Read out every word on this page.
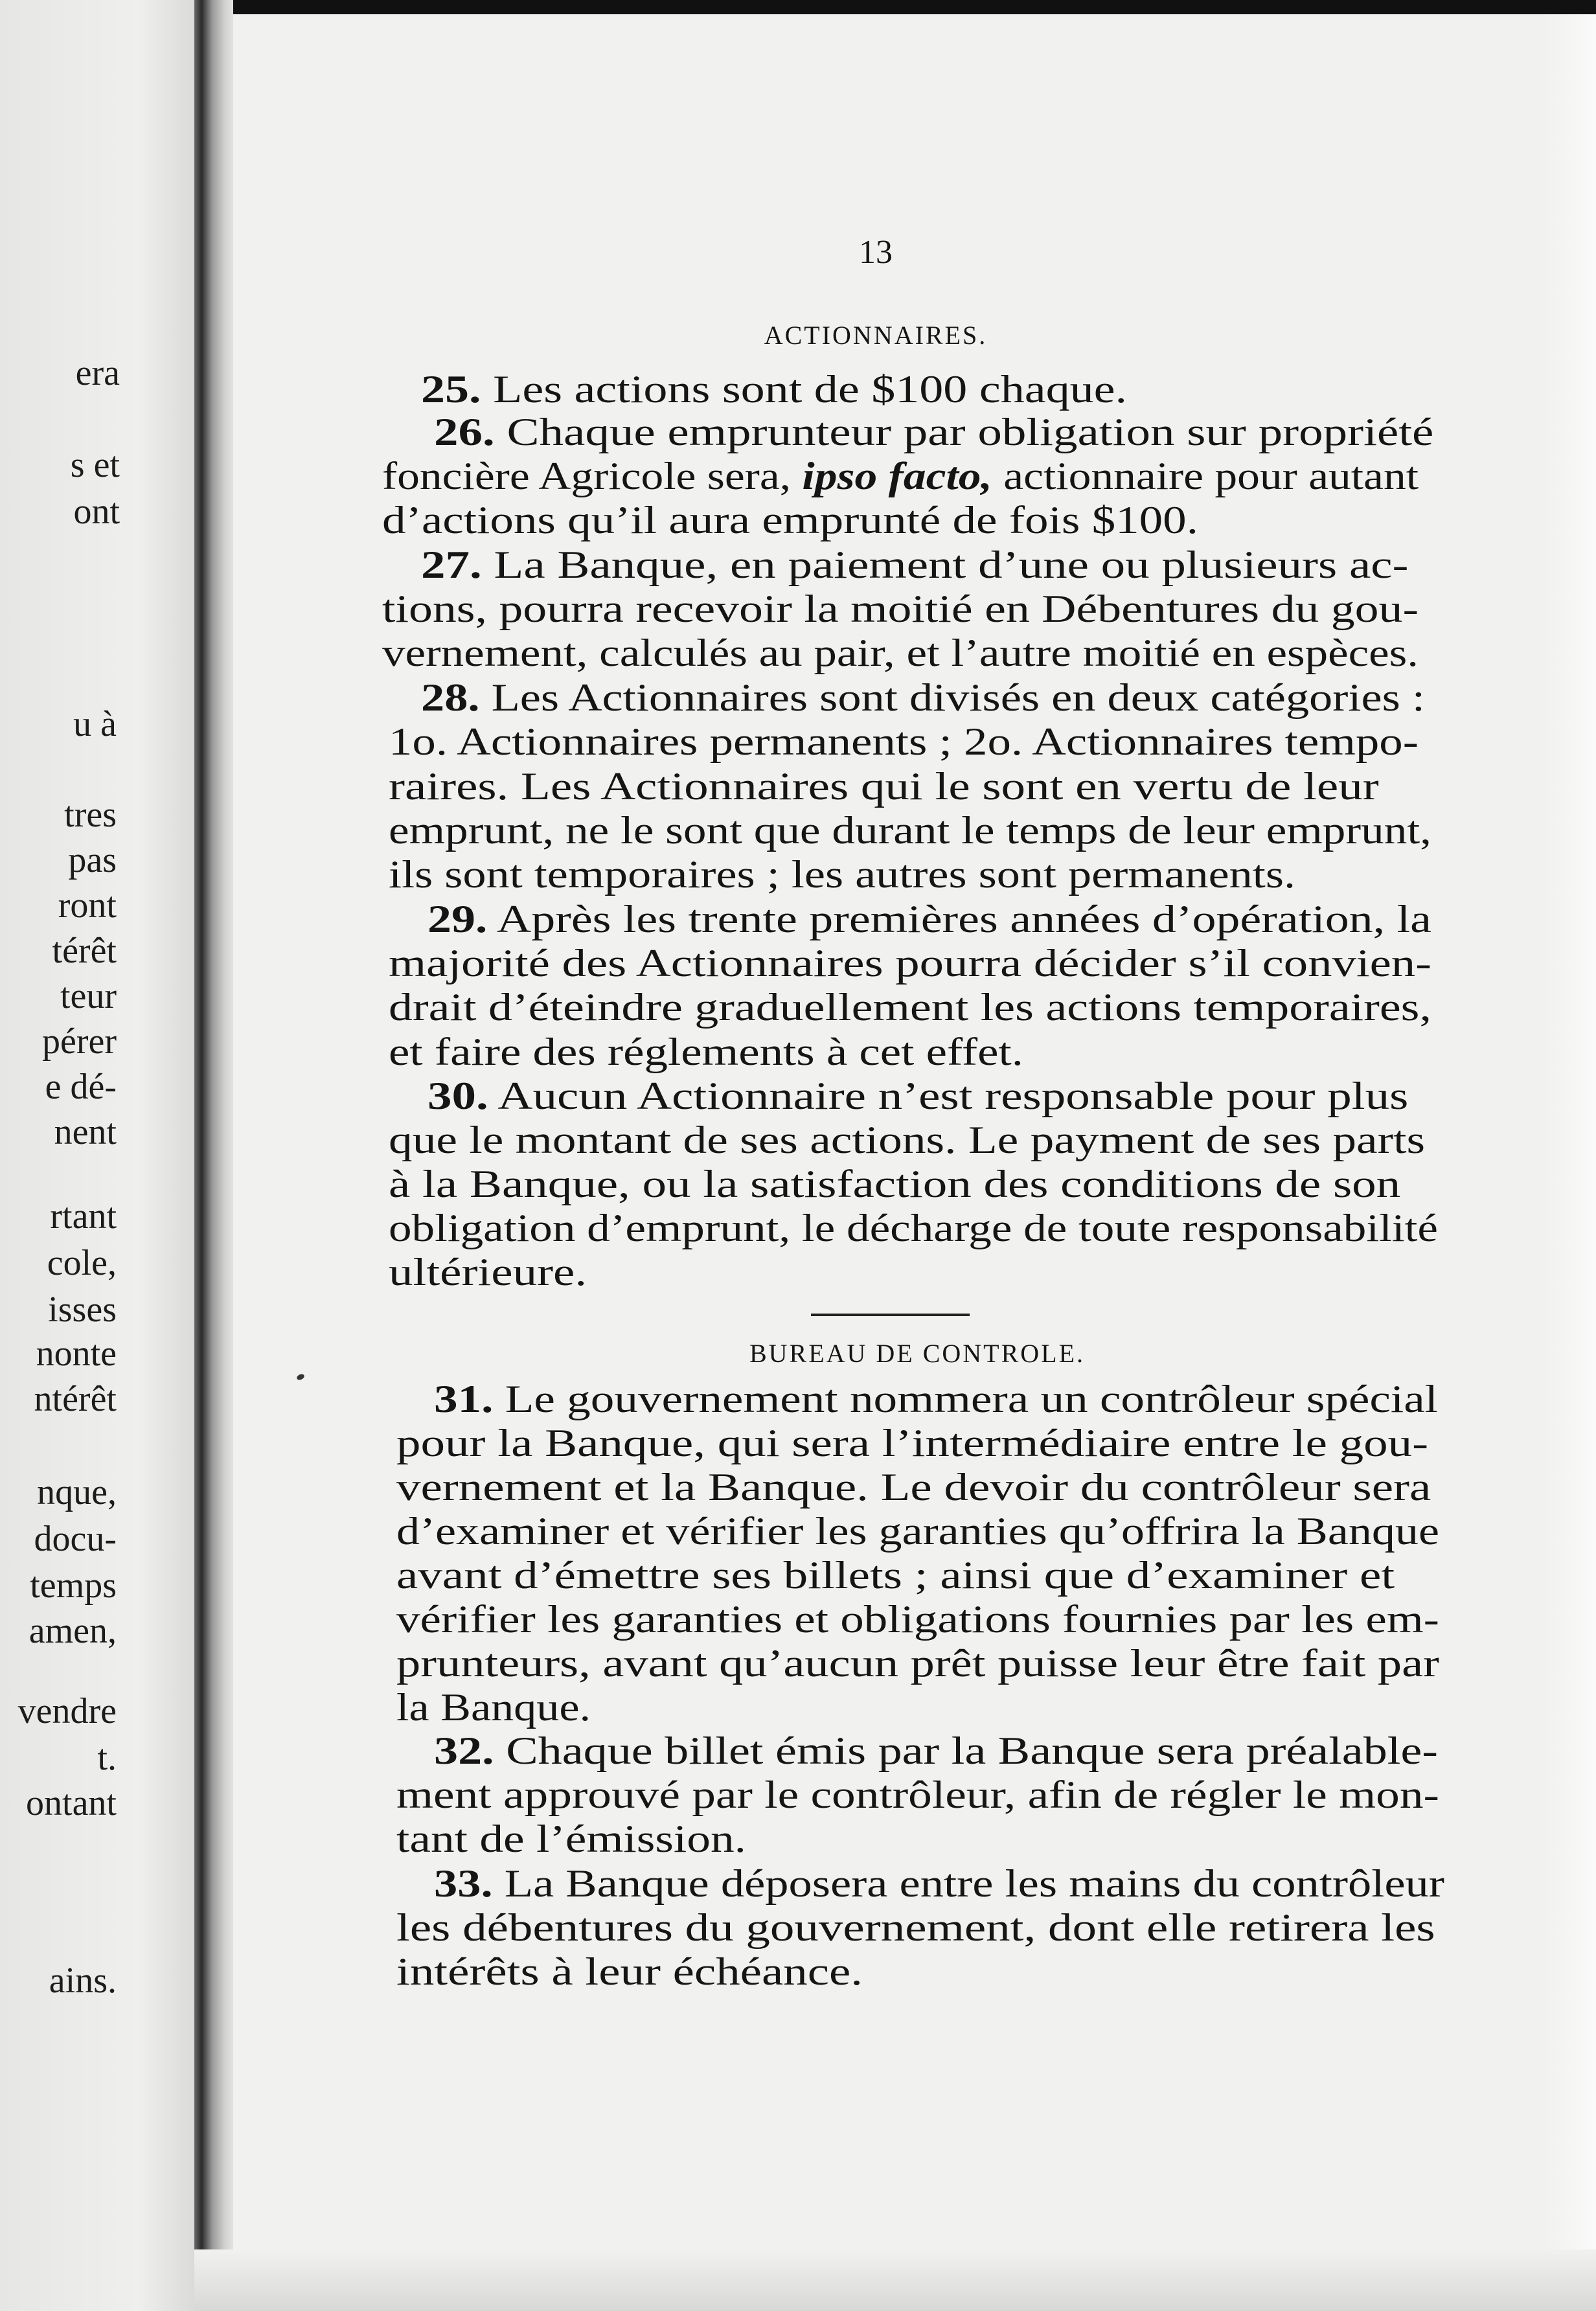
era
s et
ont
u à
tres
pas
ront
térêt
teur
pérer
e dé-
nent
rtant
cole,
isses
nonte
ntérêt
nque,
docu-
temps
amen,
vendre
t.
ontant
ains.
13
ACTIONNAIRES.
25. Les actions sont de $100 chaque.
26. Chaque emprunteur par obligation sur propriété
foncière Agricole sera, ipso facto, actionnaire pour autant
d’actions qu’il aura emprunté de fois $100.
27. La Banque, en paiement d’une ou plusieurs ac-
tions, pourra recevoir la moitié en Débentures du gou-
vernement, calculés au pair, et l’autre moitié en espèces.
28. Les Actionnaires sont divisés en deux catégories :
1o. Actionnaires permanents ; 2o. Actionnaires tempo-
raires. Les Actionnaires qui le sont en vertu de leur
emprunt, ne le sont que durant le temps de leur emprunt,
ils sont temporaires ; les autres sont permanents.
29. Après les trente premières années d’opération, la
majorité des Actionnaires pourra décider s’il convien-
drait d’éteindre graduellement les actions temporaires,
et faire des réglements à cet effet.
30. Aucun Actionnaire n’est responsable pour plus
que le montant de ses actions. Le payment de ses parts
à la Banque, ou la satisfaction des conditions de son
obligation d’emprunt, le décharge de toute responsabilité
ultérieure.
BUREAU DE CONTROLE.
31. Le gouvernement nommera un contrôleur spécial
pour la Banque, qui sera l’intermédiaire entre le gou-
vernement et la Banque. Le devoir du contrôleur sera
d’examiner et vérifier les garanties qu’offrira la Banque
avant d’émettre ses billets ; ainsi que d’examiner et
vérifier les garanties et obligations fournies par les em-
prunteurs, avant qu’aucun prêt puisse leur être fait par
la Banque.
32. Chaque billet émis par la Banque sera préalable-
ment approuvé par le contrôleur, afin de régler le mon-
tant de l’émission.
33. La Banque déposera entre les mains du contrôleur
les débentures du gouvernement, dont elle retirera les
intérêts à leur échéance.
